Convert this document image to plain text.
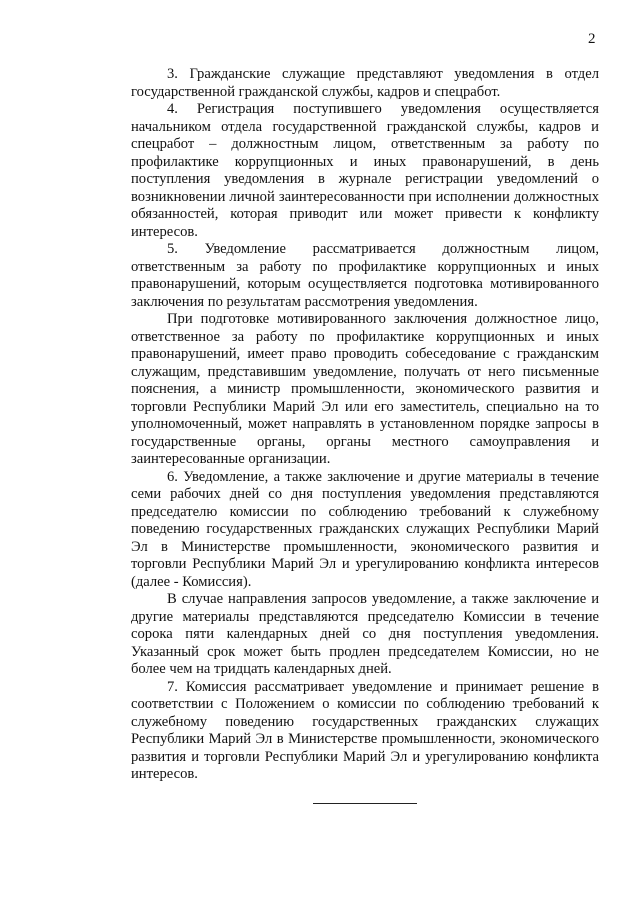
2

3. Гражданские служащие представляют уведомления в отдел государственной гражданской службы, кадров и спецработ.

4. Регистрация поступившего уведомления осуществляется начальником отдела государственной гражданской службы, кадров и спецработ – должностным лицом, ответственным за работу по профилактике коррупционных и иных правонарушений, в день поступления уведомления в журнале регистрации уведомлений о возникновении личной заинтересованности при исполнении должностных обязанностей, которая приводит или может привести к конфликту интересов.

5. Уведомление рассматривается должностным лицом, ответственным за работу по профилактике коррупционных и иных правонарушений, которым осуществляется подготовка мотивированного заключения по результатам рассмотрения уведомления.

При подготовке мотивированного заключения должностное лицо, ответственное за работу по профилактике коррупционных и иных правонарушений, имеет право проводить собеседование с гражданским служащим, представившим уведомление, получать от него письменные пояснения, а министр промышленности, экономического развития и торговли Республики Марий Эл или его заместитель, специально на то уполномоченный, может направлять в установленном порядке запросы в государственные органы, органы местного самоуправления и заинтересованные организации.

6. Уведомление, а также заключение и другие материалы в течение семи рабочих дней со дня поступления уведомления представляются председателю комиссии по соблюдению требований к служебному поведению государственных гражданских служащих Республики Марий Эл в Министерстве промышленности, экономического развития и торговли Республики Марий Эл и урегулированию конфликта интересов (далее - Комиссия).

В случае направления запросов уведомление, а также заключение и другие материалы представляются председателю Комиссии в течение сорока пяти календарных дней со дня поступления уведомления. Указанный срок может быть продлен председателем Комиссии, но не более чем на тридцать календарных дней.

7. Комиссия рассматривает уведомление и принимает решение в соответствии с Положением о комиссии по соблюдению требований к служебному поведению государственных гражданских служащих Республики Марий Эл в Министерстве промышленности, экономического развития и торговли Республики Марий Эл и урегулированию конфликта интересов.
